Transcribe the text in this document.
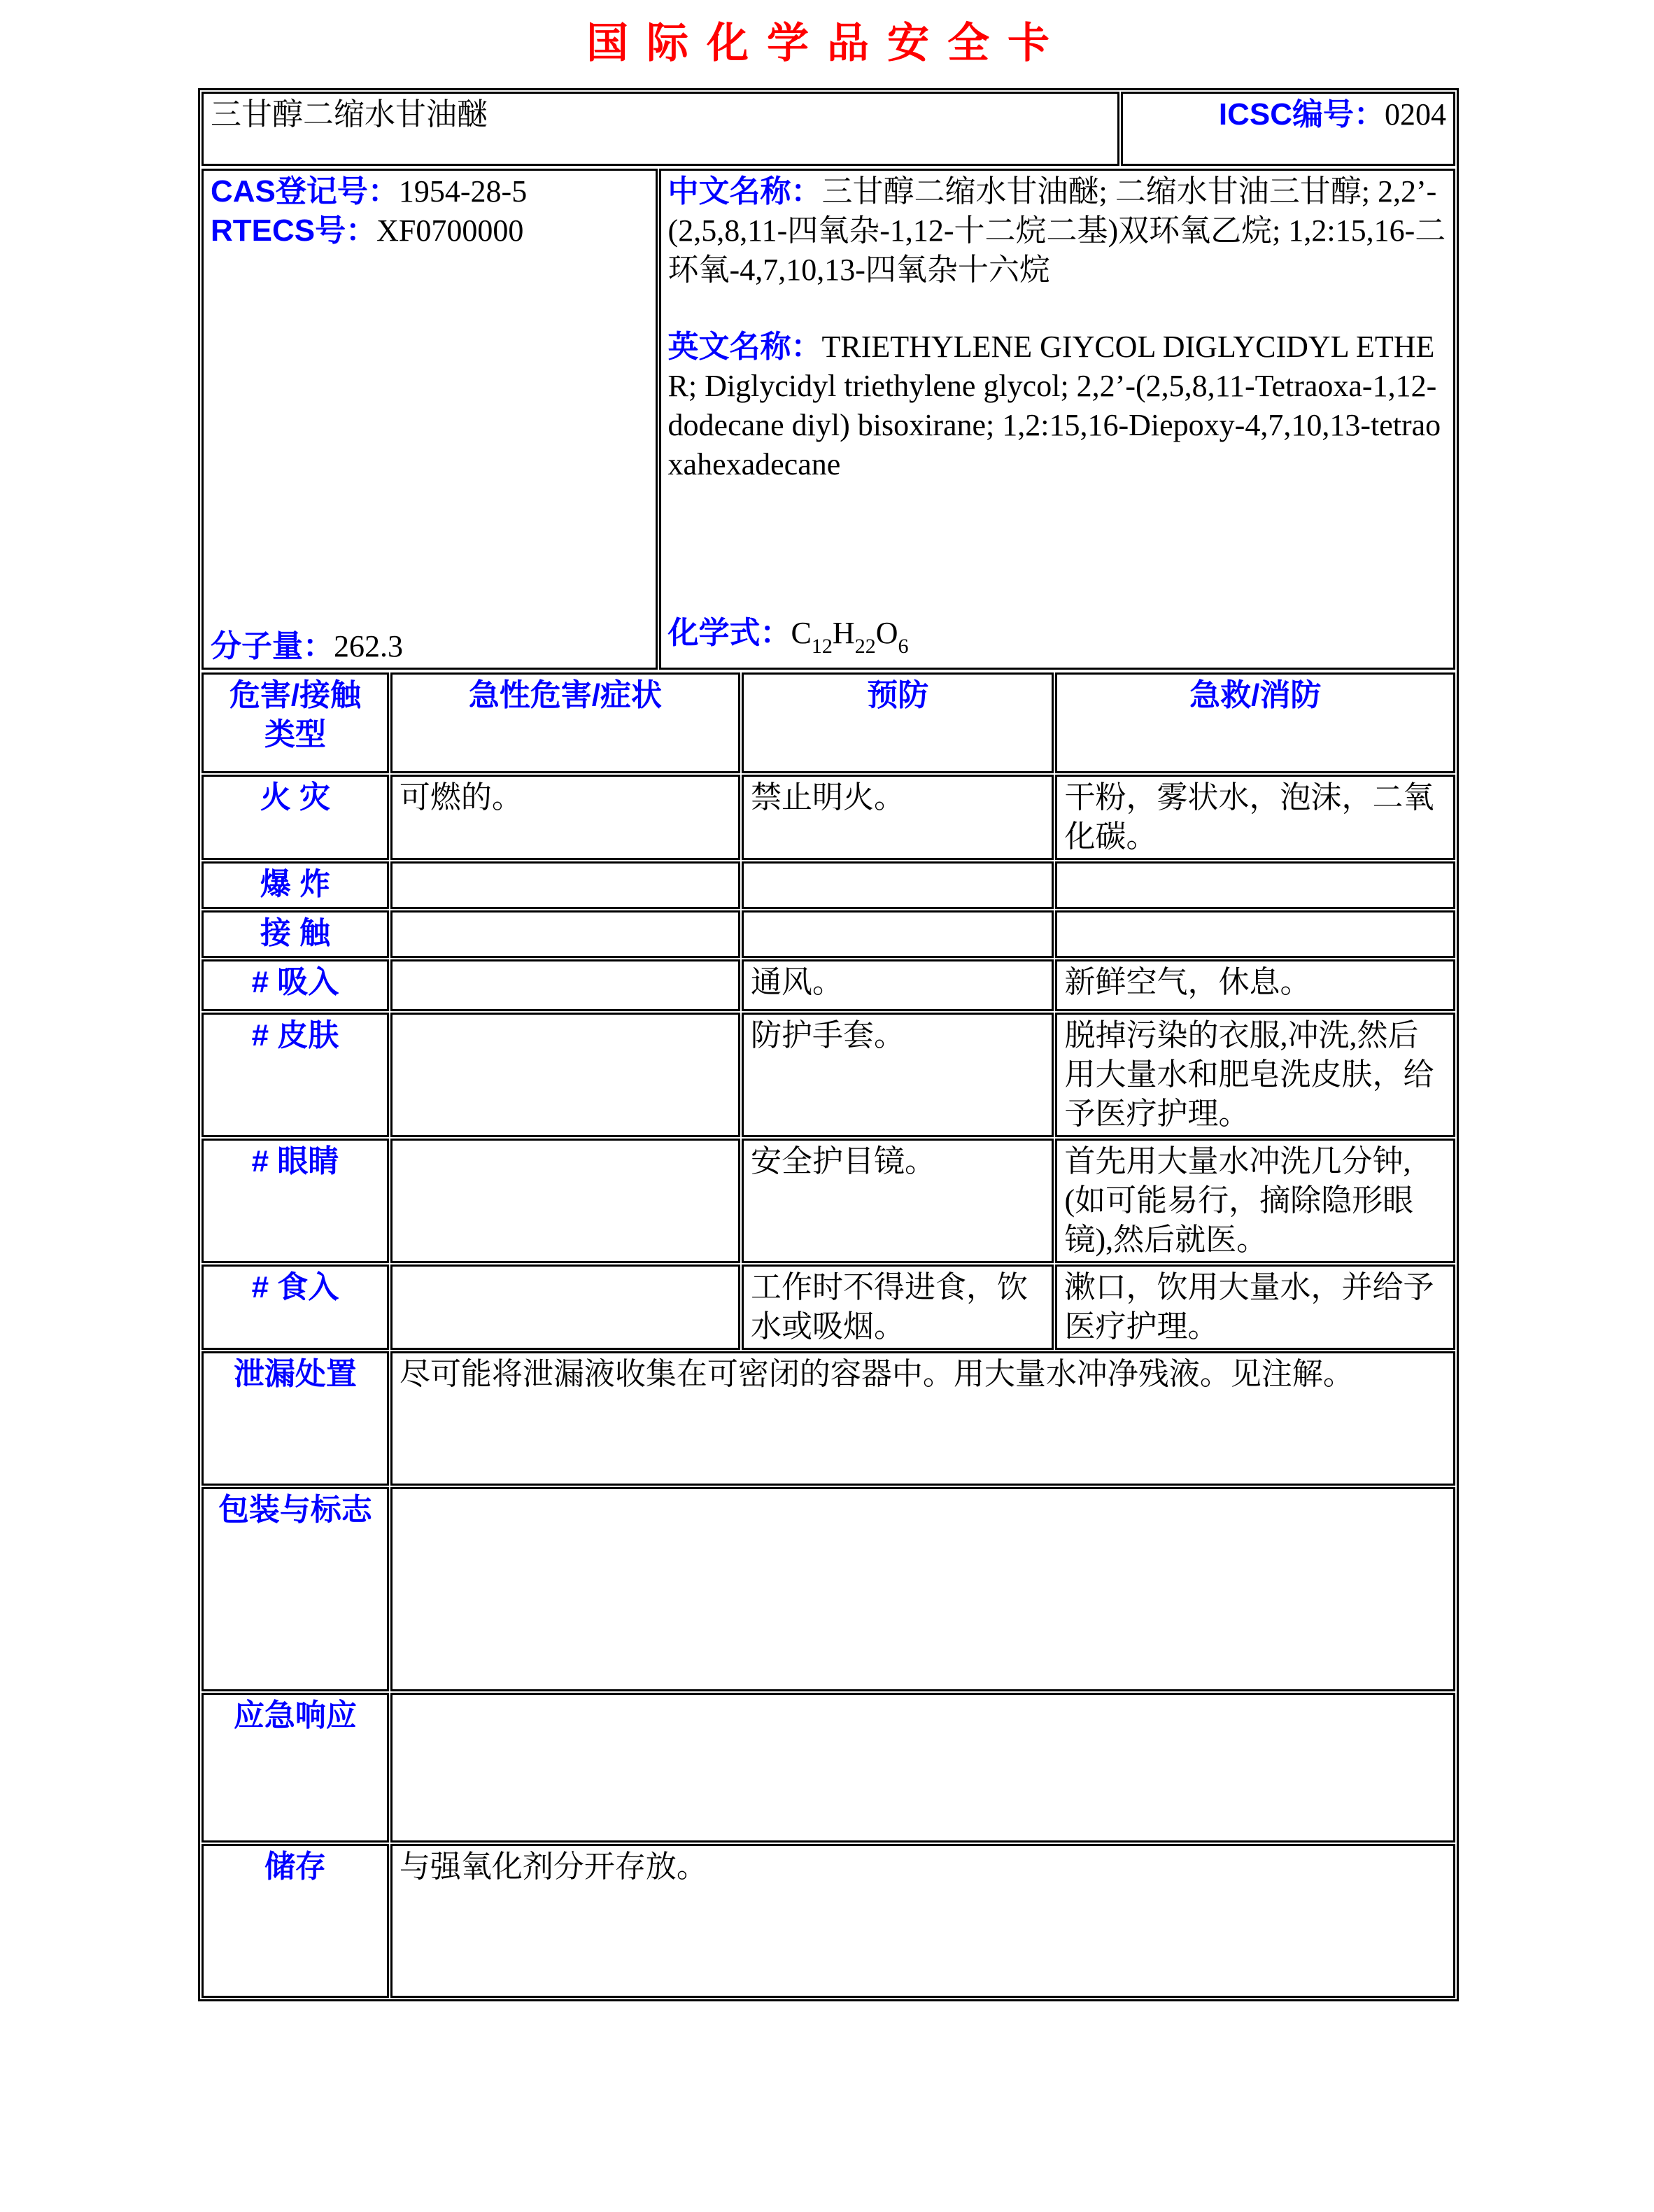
国际化学品安全卡
三甘醇二缩水甘油醚	ICSC编号：0204
CAS登记号：1954-28-5
RTECS号：XF0700000
分子量：262.3

中文名称：三甘醇二缩水甘油醚; 二缩水甘油三甘醇; 2,2’-(2,5,8,11-四氧杂-1,12-十二烷二基)双环氧乙烷; 1,2:15,16-二环氧-4,7,10,13-四氧杂十六烷
英文名称：TRIETHYLENE GIYCOL DIGLYCIDYL ETHER; Diglycidyl triethylene glycol; 2,2’-(2,5,8,11-Tetraoxa-1,12-dodecane diyl) bisoxirane; 1,2:15,16-Diepoxy-4,7,10,13-tetraoxahexadecane
化学式：$C_{12}H_{22}O_6$
危害/接触
类型	急性危害/症状	预防	急救/消防
火 灾	可燃的。	禁止明火。	干粉，雾状水，泡沫，二氧化碳。
爆 炸			
接 触			
# 吸入		通风。	新鲜空气，休息。
# 皮肤		防护手套。	脱掉污染的衣服,冲洗,然后用大量水和肥皂洗皮肤，给予医疗护理。
# 眼睛		安全护目镜。	首先用大量水冲洗几分钟,(如可能易行，摘除隐形眼镜),然后就医。
# 食入		工作时不得进食，饮水或吸烟。	漱口，饮用大量水，并给予医疗护理。
泄漏处置	尽可能将泄漏液收集在可密闭的容器中。用大量水冲净残液。见注解。		
包装与标志			
应急响应			
储存	与强氧化剂分开存放。		
